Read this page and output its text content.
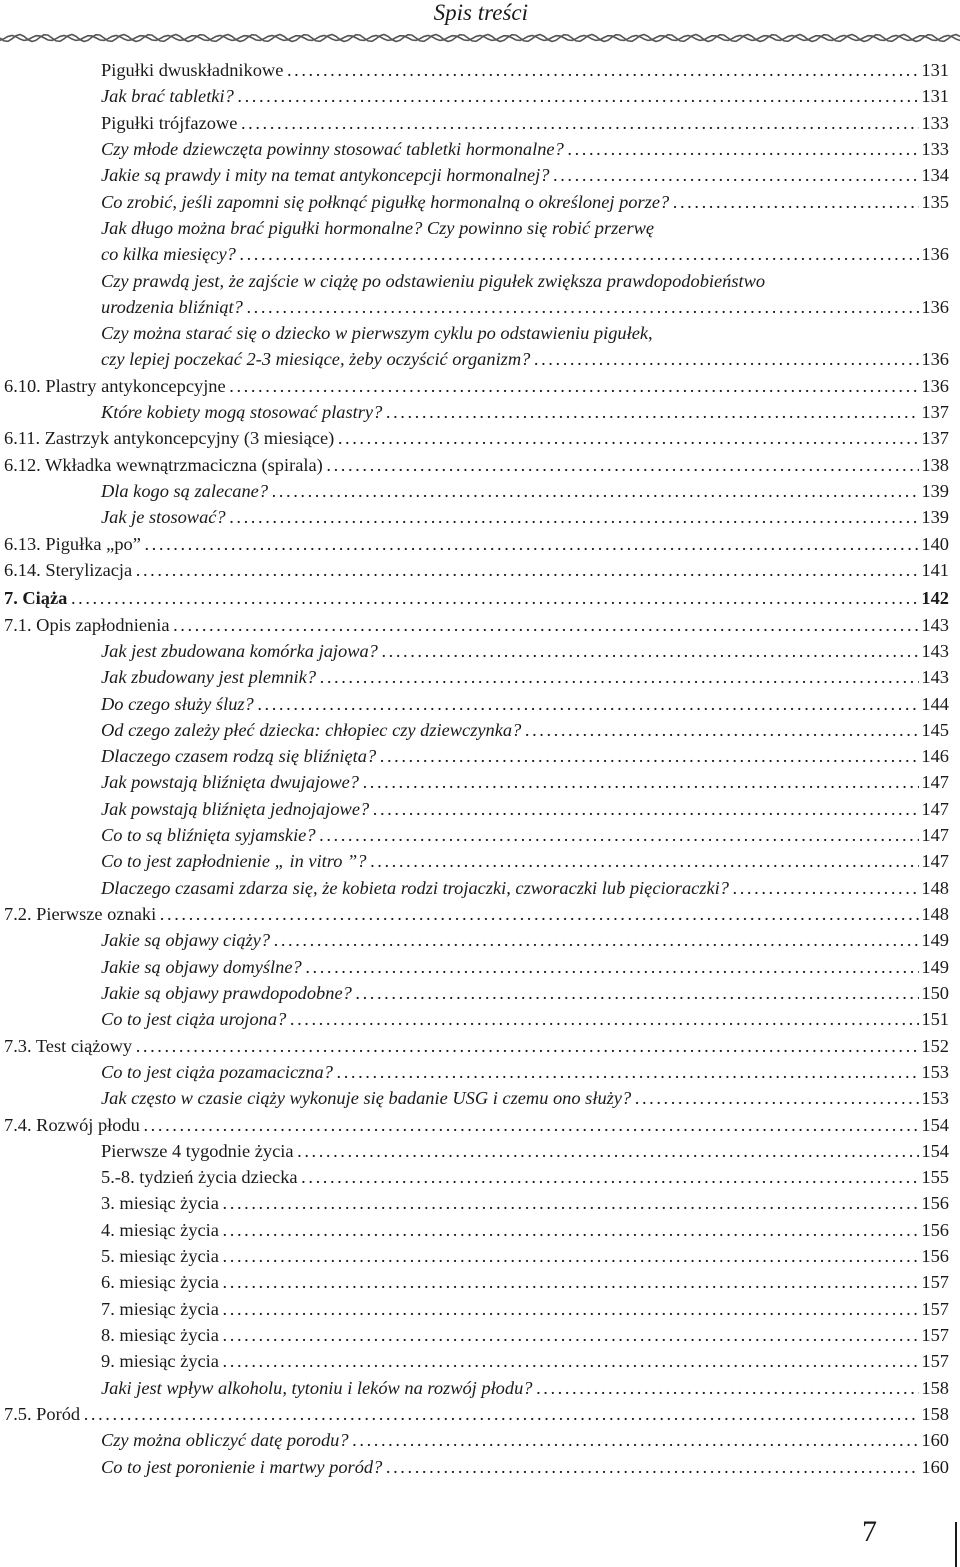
Spis treści
Pigułki dwuskładnikowe . . .	131
Jak brać tabletki? . . .	131
Pigułki trójfazowe . . .	133
Czy młode dziewczęta powinny stosować tabletki hormonalne? . . .	133
Jakie są prawdy i mity na temat antykoncepcji hormonalnej? . . .	134
Co zrobić, jeśli zapomni się połknąć pigułkę hormonalną o określonej porze? . . .	135
Jak długo można brać pigułki hormonalne? Czy powinno się robić przerwę
co kilka miesięcy? . . .	136
Czy prawdą jest, że zajście w ciążę po odstawieniu pigułek zwiększa prawdopodobieństwo
urodzenia bliźniąt? . . .	136
Czy można starać się o dziecko w pierwszym cyklu po odstawieniu pigułek,
czy lepiej poczekać 2-3 miesiące, żeby oczyścić organizm? . . .	136
6.10. Plastry antykoncepcyjne . . .	136
Które kobiety mogą stosować plastry? . . .	137
6.11. Zastrzyk antykoncepcyjny (3 miesiące) . . .	137
6.12. Wkładka wewnątrzmaciczna (spirala) . . .	138
Dla kogo są zalecane? . . .	139
Jak je stosować? . . .	139
6.13. Pigułka „po” . . .	140
6.14. Sterylizacja . . .	141
7. Ciąża . . .	142
7.1. Opis zapłodnienia . . .	143
Jak jest zbudowana komórka jajowa? . . .	143
Jak zbudowany jest plemnik? . . .	143
Do czego służy śluz? . . .	144
Od czego zależy płeć dziecka: chłopiec czy dziewczynka? . . .	145
Dlaczego czasem rodzą się bliźnięta? . . .	146
Jak powstają bliźnięta dwujajowe? . . .	147
Jak powstają bliźnięta jednojajowe? . . .	147
Co to są bliźnięta syjamskie? . . .	147
Co to jest zapłodnienie „ in vitro ”? . . .	147
Dlaczego czasami zdarza się, że kobieta rodzi trojaczki, czworaczki lub pięcioraczki? . . .	148
7.2. Pierwsze oznaki . . .	148
Jakie są objawy ciąży? . . .	149
Jakie są objawy domyślne? . . .	149
Jakie są objawy prawdopodobne? . . .	150
Co to jest ciąża urojona? . . .	151
7.3. Test ciążowy . . .	152
Co to jest ciąża pozamaciczna? . . .	153
Jak często w czasie ciąży wykonuje się badanie USG i czemu ono służy? . . .	153
7.4. Rozwój płodu . . .	154
Pierwsze 4 tygodnie życia . . .	154
5.-8. tydzień życia dziecka . . .	155
3. miesiąc życia . . .	156
4. miesiąc życia . . .	156
5. miesiąc życia . . .	156
6. miesiąc życia . . .	157
7. miesiąc życia . . .	157
8. miesiąc życia . . .	157
9. miesiąc życia . . .	157
Jaki jest wpływ alkoholu, tytoniu i leków na rozwój płodu? . . .	158
7.5. Poród . . .	158
Czy można obliczyć datę porodu? . . .	160
Co to jest poronienie i martwy poród? . . .	160
7
